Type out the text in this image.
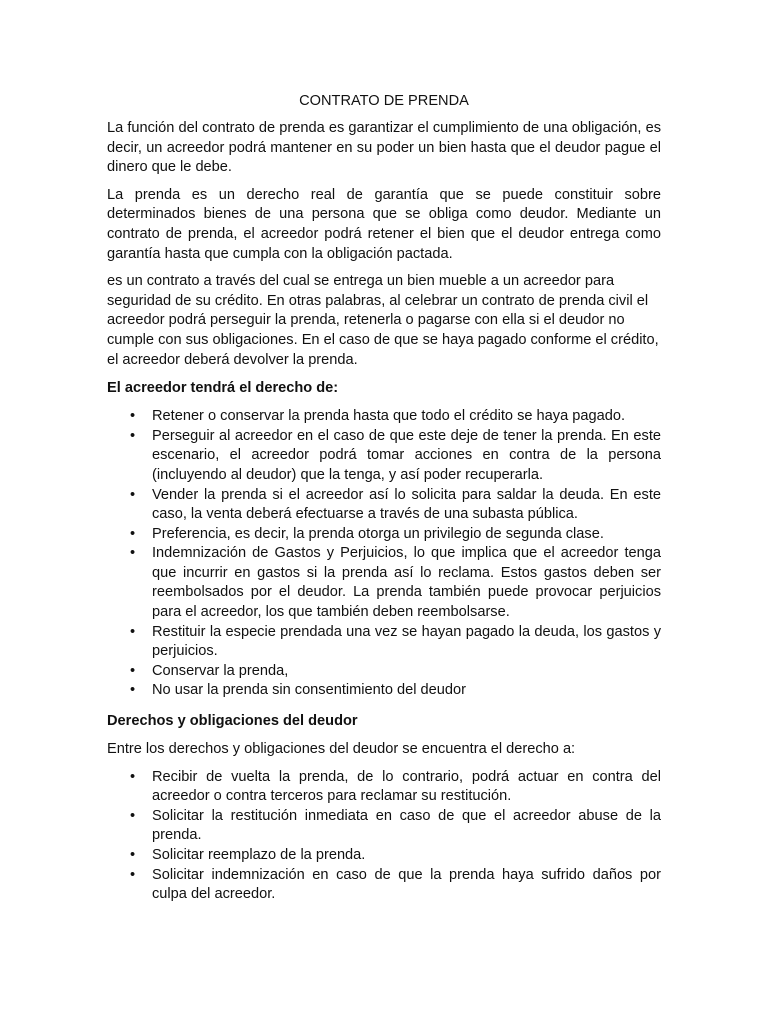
CONTRATO DE PRENDA

La función del contrato de prenda es garantizar el cumplimiento de una obligación, es decir, un acreedor podrá mantener en su poder un bien hasta que el deudor pague el dinero que le debe.

La prenda es un derecho real de garantía que se puede constituir sobre determinados bienes de una persona que se obliga como deudor. Mediante un contrato de prenda, el acreedor podrá retener el bien que el deudor entrega como garantía hasta que cumpla con la obligación pactada.

es un contrato a través del cual se entrega un bien mueble a un acreedor para seguridad de su crédito. En otras palabras, al celebrar un contrato de prenda civil el acreedor podrá perseguir la prenda, retenerla o pagarse con ella si el deudor no cumple con sus obligaciones. En el caso de que se haya pagado conforme el crédito, el acreedor deberá devolver la prenda.

El acreedor tendrá el derecho de:
• Retener o conservar la prenda hasta que todo el crédito se haya pagado.
• Perseguir al acreedor en el caso de que este deje de tener la prenda. En este escenario, el acreedor podrá tomar acciones en contra de la persona (incluyendo al deudor) que la tenga, y así poder recuperarla.
• Vender la prenda si el acreedor así lo solicita para saldar la deuda. En este caso, la venta deberá efectuarse a través de una subasta pública.
• Preferencia, es decir, la prenda otorga un privilegio de segunda clase.
• Indemnización de Gastos y Perjuicios, lo que implica que el acreedor tenga que incurrir en gastos si la prenda así lo reclama. Estos gastos deben ser reembolsados por el deudor. La prenda también puede provocar perjuicios para el acreedor, los que también deben reembolsarse.
• Restituir la especie prendada una vez se hayan pagado la deuda, los gastos y perjuicios.
• Conservar la prenda,
• No usar la prenda sin consentimiento del deudor
Derechos y obligaciones del deudor

Entre los derechos y obligaciones del deudor se encuentra el derecho a:

• Recibir de vuelta la prenda, de lo contrario, podrá actuar en contra del acreedor o contra terceros para reclamar su restitución.
• Solicitar la restitución inmediata en caso de que el acreedor abuse de la prenda.
• Solicitar reemplazo de la prenda.
• Solicitar indemnización en caso de que la prenda haya sufrido daños por culpa del acreedor.
